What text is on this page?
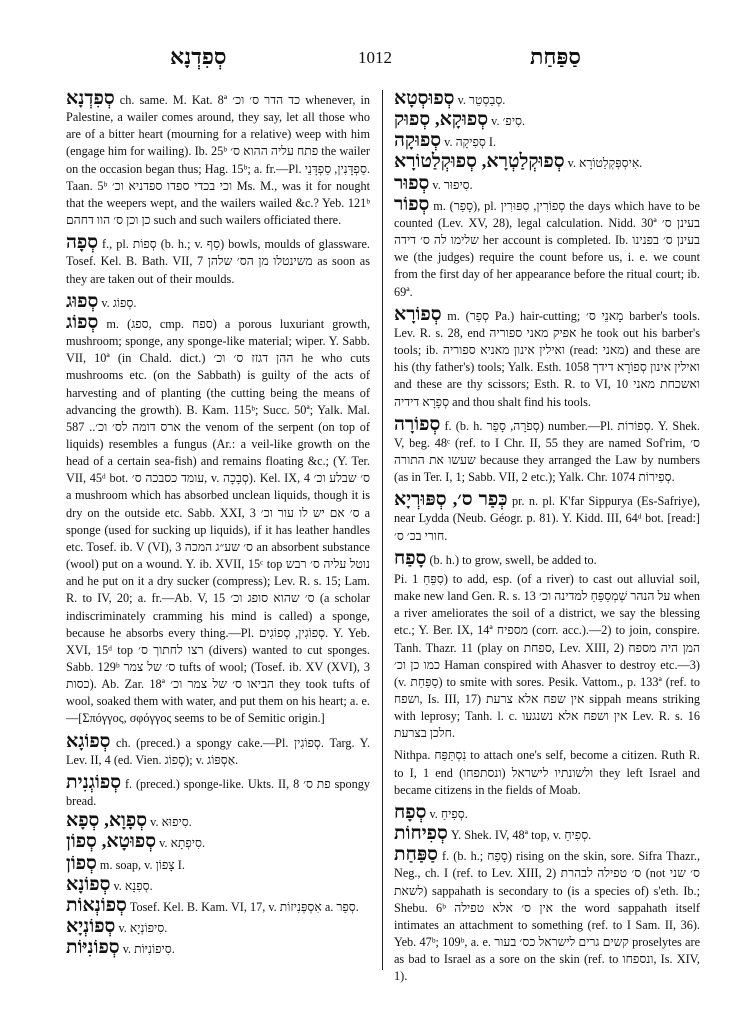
סְפִדְנָא	1012	סַפַּחַת
סְפִדְנָא ch. same. M. Kat. 8ª כד הדר ס׳ וכ׳ whenever, in Palestine, a wailer comes around, they say, let all those who are of a bitter heart (mourning for a relative) weep with him (engage him for wailing). Ib. 25ᵇ פתח עליה ההוא ס׳ the wailer on the occasion began thus; Hag. 15ᵇ; a. fr.—Pl. סַפְדָּנִין, סַפְדָּנֵי. Taan. 5ᵇ וכי בכדי ספדו ספדניא וכ׳ Ms. M., was it for nought that the weepers wept, and the wailers wailed &c.? Yeb. 121ᵇ כן וכן ס׳ הוו דחהם such and such wailers officiated there.
סְפָה f., pl. סְפוֹת (b. h.; v. סַף) bowls, moulds of glassware. Tosef. Kel. B. Bath. VII, 7 משינטלו מן הס׳ שלהן as soon as they are taken out of their moulds.
סְפוּג v. סְפוֹג.
סְפוֹג m. (ספג, cmp. ספח) a porous luxuriant growth, mushroom; sponge, any sponge-like material; wiper. Y. Sabb. VII, 10ª (in Chald. dict.) ההן דגזז ס׳ וכ׳ he who cuts mushrooms etc. (on the Sabbath) is guilty of the acts of harvesting and of planting (the cutting being the means of advancing the growth). B. Kam. 115ᵇ; Succ. 50ª; Yalk. Mal. 587 ..ארס דומה לס׳ וכ׳ the venom of the serpent (on top of liquids) resembles a fungus (Ar.: a veil-like growth on the head of a certain sea-fish) and remains floating &c.; (Y. Ter. VII, 45ᵈ bot. עומד כסבכה ס׳, v. סְבָכָה). Kel. IX, 4 ס׳ שבלע וכ׳ a mushroom which has absorbed unclean liquids, though it is dry on the outside etc. Sabb. XXI, 3 ס׳ אם יש לו עור וכ׳ a sponge (used for sucking up liquids), if it has leather handles etc. Tosef. ib. V (VI), 3 ס׳ שע״ג המכה an absorbent substance (wool) put on a wound. Y. ib. XVII, 15ᶜ top נוטל עליה ס׳ רבש and he put on it a dry sucker (compress); Lev. R. s. 15; Lam. R. to IV, 20; a. fr.—Ab. V, 15 ס׳ שהוא סופג וכ׳ (a scholar indiscriminately cramming his mind is called) a sponge, because he absorbs every thing.—Pl. סְפוֹגִין, סְפוֹגִים. Y. Yeb. XVI, 15ᵈ top רצו לחתוך ס׳ (divers) wanted to cut sponges. Sabb. 129ᵇ ס׳ של צמר tufts of wool; (Tosef. ib. XV (XVI), 3 כסות). Ab. Zar. 18ª הביאו ס׳ של צמר וכ׳ they took tufts of wool, soaked them with water, and put them on his heart; a. e.—[Σπόγγος, σφόγγος seems to be of Semitic origin.]
סְפוֹגָא ch. (preced.) a spongy cake.—Pl. סְפוֹגִין. Targ. Y. Lev. II, 4 (ed. Vien. סְפוֹג); v. אַסְפּוֹג.
סְפוֹגְנִית f. (preced.) sponge-like. Ukts. II, 8 פת ס׳ spongy bread.
סְפָוָא, סְפָא v. סִיפוּא.
סְפוּטָא, סְפוֹן v. סִיפְתָא.
סְפוֹן m. soap, v. צָפוֹן I.
סְפוֹנָא v. סְפִנָא.
סְפוֹנְאוֹת Tosef. Kel. B. Kam. VI, 17, v. אִסְפְּנִיזוֹת a. סְפַר.
סְפוֹנְיָא v. סִיפוֹנְיָא.
סְפוֹנִיּוֹת v. סִיפוֹנִיּוֹת.
סְפוּסְטָא v. סְבַסְטֵר.
סְפוּקָא, סְפוּק v. סִיפ׳.
סְפוּקָה v. סְפִיקָה I.
סְפוּקְלַטְרָא, סְפוּקְלַטוֹרָא v. אִיסְפְּקְלַטוֹרָא.
סְפוּר v. סִיפוּר.
סְפוֹר m. (סָפַר), pl. סְפוֹרִין, סִפּוּרִין the days which have to be counted (Lev. XV, 28), legal calculation. Nidd. 30ª בעינן ס׳ שלימו לה ס׳ דידה her account is completed. Ib. בעינן ס׳ בפנינו we (the judges) require the count before us, i. e. we count from the first day of her appearance before the ritual court; ib. 69ª.
סְפוֹרָא m. (סְפַר Pa.) hair-cutting; מָאנֵי ס׳ barber's tools. Lev. R. s. 28, end אפיק מאני ספוריה he took out his barber's tools; ib. ואילין אינון מאניא ספוריה (read: מאני) and these are his (thy father's) tools; Yalk. Esth. 1058 ואילין אינון סְפוֹרָא דידך and these are thy scissors; Esth. R. to VI, 10 ואשכחת מאני סְפָרָא דידיה and thou shalt find his tools.
סְפוֹרָה f. (b. h. סְפֹרָה, סָפַר) number.—Pl. סְפוֹרוֹת. Y. Shek. V, beg. 48ᶜ (ref. to I Chr. II, 55 they are named Sof'rim, ס׳ שעשו את התורה because they arranged the Law by numbers (as in Ter. I, 1; Sabb. VII, 2 etc.); Yalk. Chr. 1074 סְפִירוֹת.
כְּפַר ס׳, סְפּוּרְיָא pr. n. pl. K'far Sippurya (Es-Safriye), near Lydda (Neub. Géogr. p. 81). Y. Kidd. III, 64ᵈ bot. [read:] חורי בכ׳ ס׳.
סָפַח (b. h.) to grow, swell, be added to.
Pi. סִפֵּחַ 1) to add, esp. (of a river) to cast out alluvial soil, make new land Gen. R. s. 13 על הנהר שְׁמְסַפֵּחַ למדינה וכ׳ when a river ameliorates the soil of a district, we say the blessing etc.; Y. Ber. IX, 14ª מספיח (corr. acc.).—2) to join, conspire. Tanh. Thazr. 11 (play on ספחת, Lev. XIII, 2) המן היה מספח כמו כן וכ׳ Haman conspired with Ahasver to destroy etc.—3) (v. סַפַּחַת) to smite with sores. Pesik. Vattom., p. 133ª (ref. to ושפח, Is. III, 17) אין שפח אלא צרעת sippah means striking with leprosy; Tanh. l. c. אין ושפח אלא נשנגעו Lev. R. s. 16 חלכן בצרעת.
Nithpa. נִסְתַּפַּח to attach one's self, become a citizen. Ruth R. to I, 1 end ולשונתיו לישראל (ונסתפחו) they left Israel and became citizens in the fields of Moab.
סְפָח v. סְפִיחַ.
סְפִיחוֹת Y. Shek. IV, 48ª top, v. סְפִיחַ.
סַפַּחַת f. (b. h.; סָפַח) rising on the skin, sore. Sifra Thazr., Neg., ch. I (ref. to Lev. XIII, 2) ס׳ טפילה לבהרת (not ס׳ שני לשאת) sappahath is secondary to (is a species of) s'eth. Ib.; Shebu. 6ᵇ אין ס׳ אלא טפילה the word sappahath itself intimates an attachment to something (ref. to I Sam. II, 36). Yeb. 47ᵇ; 109ᵇ, a. e. קשים גרים לישראל כס׳ בעור proselytes are as bad to Israel as a sore on the skin (ref. to ונספחו, Is. XIV, 1).
